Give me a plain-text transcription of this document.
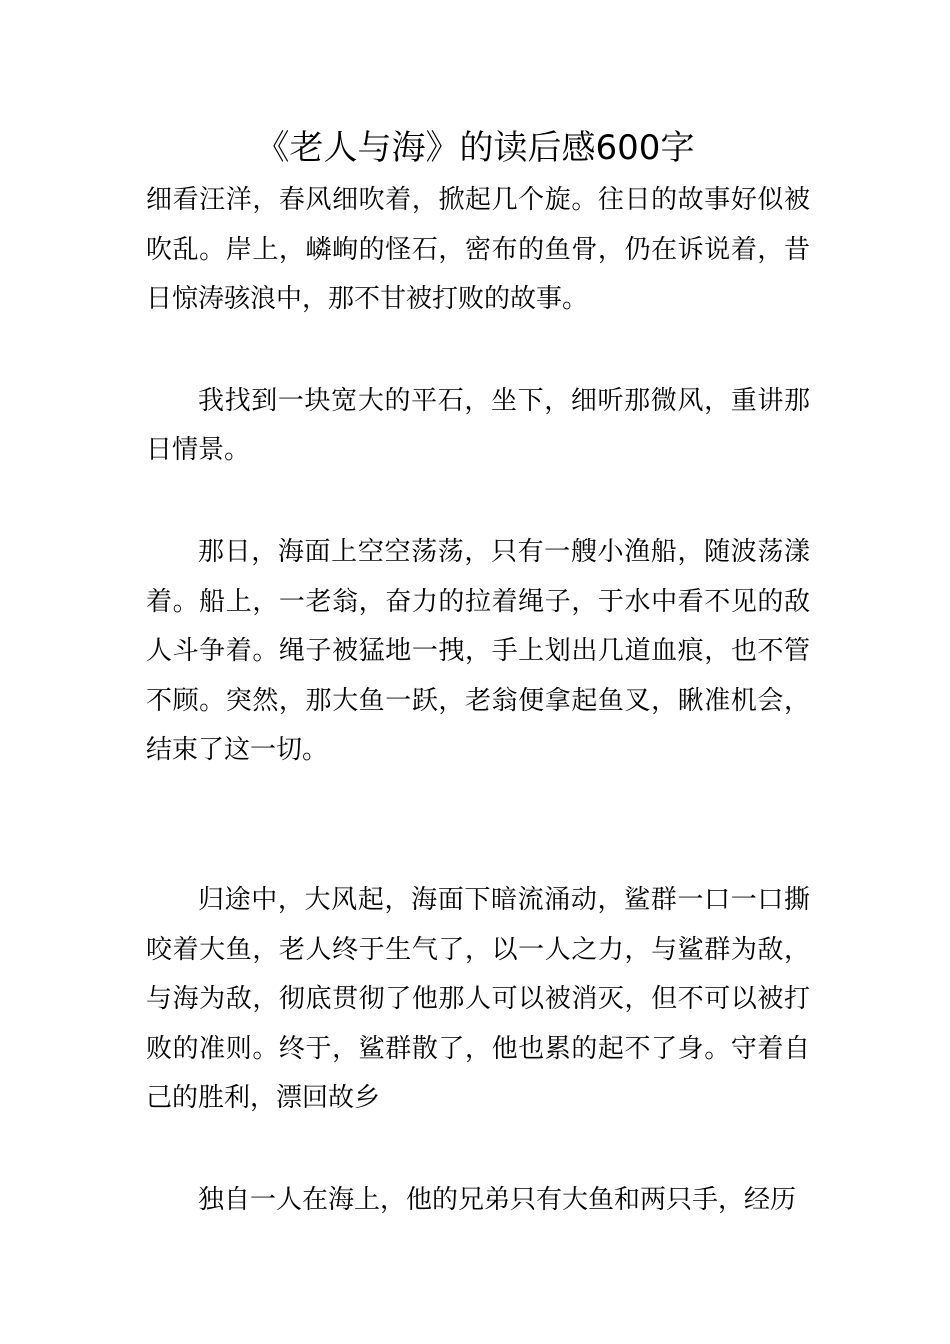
《老人与海》的读后感600字

细看汪洋，春风细吹着，掀起几个旋。往日的故事好似被吹乱。岸上，嶙峋的怪石，密布的鱼骨，仍在诉说着，昔日惊涛骇浪中，那不甘被打败的故事。

我找到一块宽大的平石，坐下，细听那微风，重讲那日情景。

那日，海面上空空荡荡，只有一艘小渔船，随波荡漾着。船上，一老翁，奋力的拉着绳子，于水中看不见的敌人斗争着。绳子被猛地一拽，手上划出几道血痕，也不管不顾。突然，那大鱼一跃，老翁便拿起鱼叉，瞅准机会，结束了这一切。

归途中，大风起，海面下暗流涌动，鲨群一口一口撕咬着大鱼，老人终于生气了，以一人之力，与鲨群为敌，与海为敌，彻底贯彻了他那人可以被消灭，但不可以被打败的准则。终于，鲨群散了，他也累的起不了身。守着自己的胜利，漂回故乡

独自一人在海上，他的兄弟只有大鱼和两只手，经历
